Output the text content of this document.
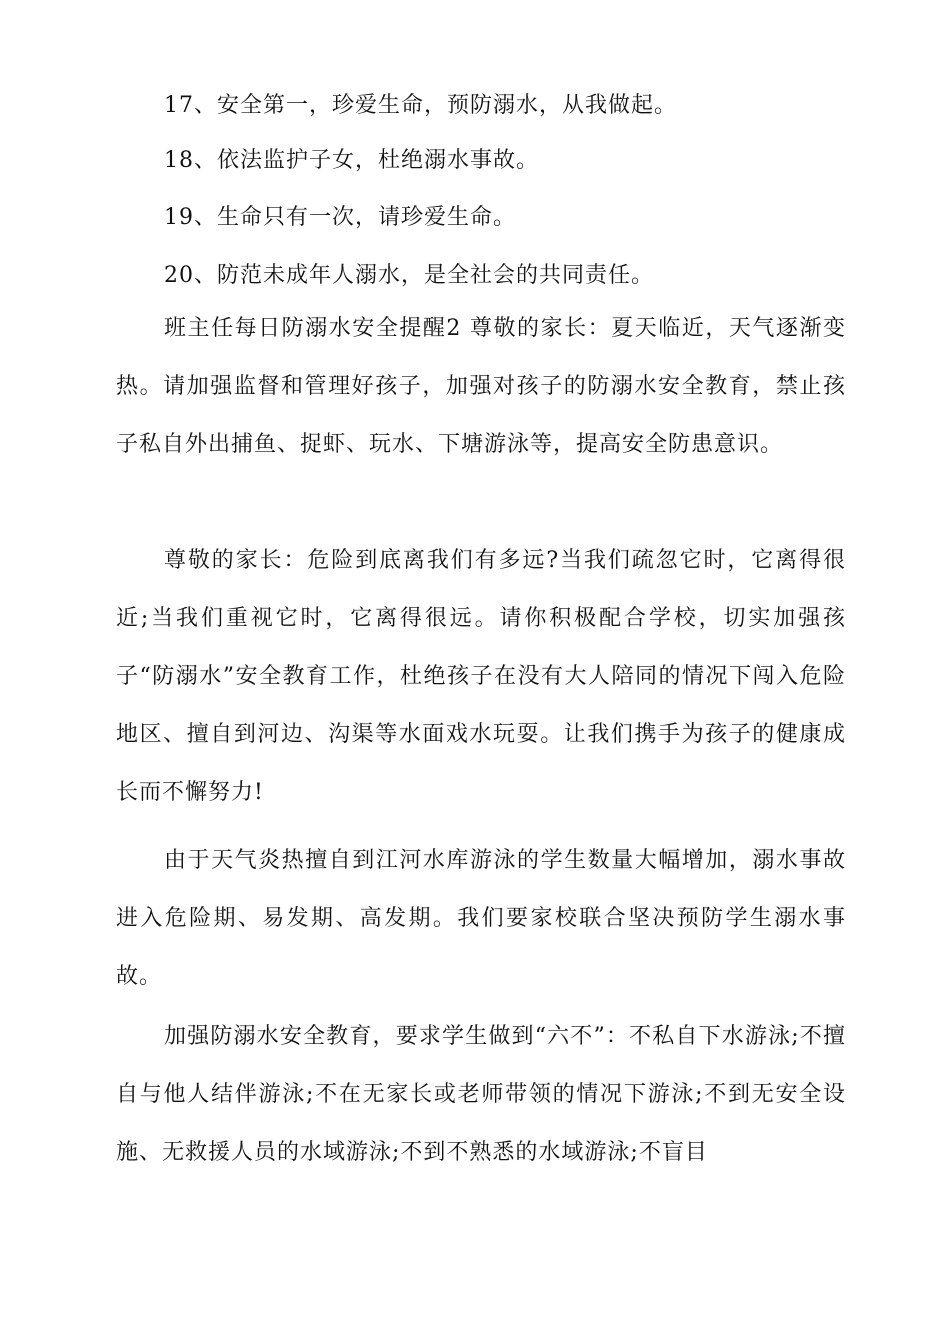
17、安全第一，珍爱生命，预防溺水，从我做起。
18、依法监护子女，杜绝溺水事故。
19、生命只有一次，请珍爱生命。
20、防范未成年人溺水，是全社会的共同责任。

班主任每日防溺水安全提醒2 尊敬的家长：夏天临近，天气逐渐变热。请加强监督和管理好孩子，加强对孩子的防溺水安全教育，禁止孩子私自外出捕鱼、捉虾、玩水、下塘游泳等，提高安全防患意识。

尊敬的家长：危险到底离我们有多远?当我们疏忽它时，它离得很近;当我们重视它时，它离得很远。请你积极配合学校，切实加强孩子“防溺水”安全教育工作，杜绝孩子在没有大人陪同的情况下闯入危险地区、擅自到河边、沟渠等水面戏水玩耍。让我们携手为孩子的健康成长而不懈努力!

由于天气炎热擅自到江河水库游泳的学生数量大幅增加，溺水事故进入危险期、易发期、高发期。我们要家校联合坚决预防学生溺水事故。

加强防溺水安全教育，要求学生做到“六不”：不私自下水游泳;不擅自与他人结伴游泳;不在无家长或老师带领的情况下游泳;不到无安全设施、无救援人员的水域游泳;不到不熟悉的水域游泳;不盲目
